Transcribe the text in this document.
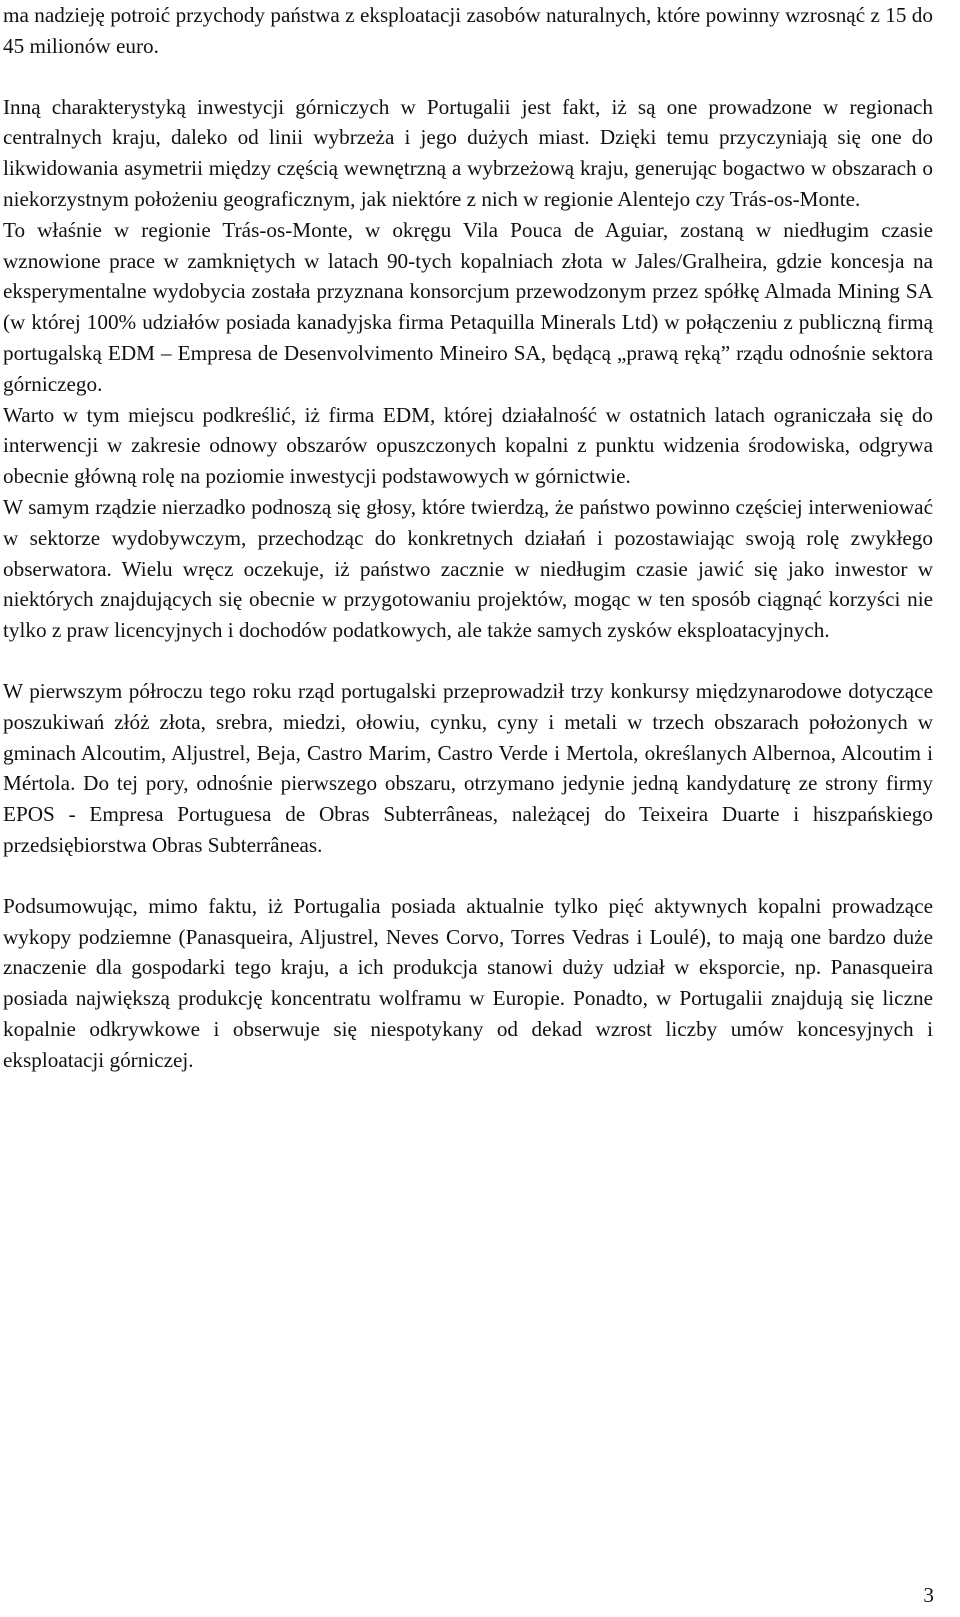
ma nadzieję potroić przychody państwa z eksploatacji zasobów naturalnych, które powinny wzrosnąć z 15 do 45 milionów euro.

Inną charakterystyką inwestycji górniczych w Portugalii jest fakt, iż są one prowadzone w regionach centralnych kraju, daleko od linii wybrzeża i jego dużych miast. Dzięki temu przyczyniają się one do likwidowania asymetrii między częścią wewnętrzną a wybrzeżową kraju, generując bogactwo w obszarach o niekorzystnym położeniu geograficznym, jak niektóre z nich w regionie Alentejo czy Trás-os-Monte.

To właśnie w regionie Trás-os-Monte, w okręgu Vila Pouca de Aguiar, zostaną w niedługim czasie wznowione prace w zamkniętych w latach 90-tych kopalniach złota w Jales/Gralheira, gdzie koncesja na eksperymentalne wydobycia została przyznana konsorcjum przewodzonym przez spółkę Almada Mining SA (w której 100% udziałów posiada kanadyjska firma Petaquilla Minerals Ltd) w połączeniu z publiczną firmą portugalską EDM – Empresa de Desenvolvimento Mineiro SA, będącą „prawą ręką” rządu odnośnie sektora górniczego.

Warto w tym miejscu podkreślić, iż firma EDM, której działalność w ostatnich latach ograniczała się do interwencji w zakresie odnowy obszarów opuszczonych kopalni z punktu widzenia środowiska, odgrywa obecnie główną rolę na poziomie inwestycji podstawowych w górnictwie.

W samym rządzie nierzadko podnoszą się głosy, które twierdzą, że państwo powinno częściej interweniować w sektorze wydobywczym, przechodząc do konkretnych działań i pozostawiając swoją rolę zwykłego obserwatora. Wielu wręcz oczekuje, iż państwo zacznie w niedługim czasie jawić się jako inwestor w niektórych znajdujących się obecnie w przygotowaniu projektów, mogąc w ten sposób ciągnąć korzyści nie tylko z praw licencyjnych i dochodów podatkowych, ale także samych zysków eksploatacyjnych.

W pierwszym półroczu tego roku rząd portugalski przeprowadził trzy konkursy międzynarodowe dotyczące poszukiwań złóż złota, srebra, miedzi, ołowiu, cynku, cyny i metali w trzech obszarach położonych w gminach Alcoutim, Aljustrel, Beja, Castro Marim, Castro Verde i Mertola, określanych Albernoa, Alcoutim i Mértola. Do tej pory, odnośnie pierwszego obszaru, otrzymano jedynie jedną kandydaturę ze strony firmy EPOS - Empresa Portuguesa de Obras Subterrâneas, należącej do Teixeira Duarte i hiszpańskiego przedsiębiorstwa Obras Subterrâneas.

Podsumowując, mimo faktu, iż Portugalia posiada aktualnie tylko pięć aktywnych kopalni prowadzące wykopy podziemne (Panasqueira, Aljustrel, Neves Corvo, Torres Vedras i Loulé), to mają one bardzo duże znaczenie dla gospodarki tego kraju, a ich produkcja stanowi duży udział w eksporcie, np. Panasqueira posiada największą produkcję koncentratu wolframu w Europie. Ponadto, w Portugalii znajdują się liczne kopalnie odkrywkowe i obserwuje się niespotykany od dekad wzrost liczby umów koncesyjnych i eksploatacji górniczej.

3
